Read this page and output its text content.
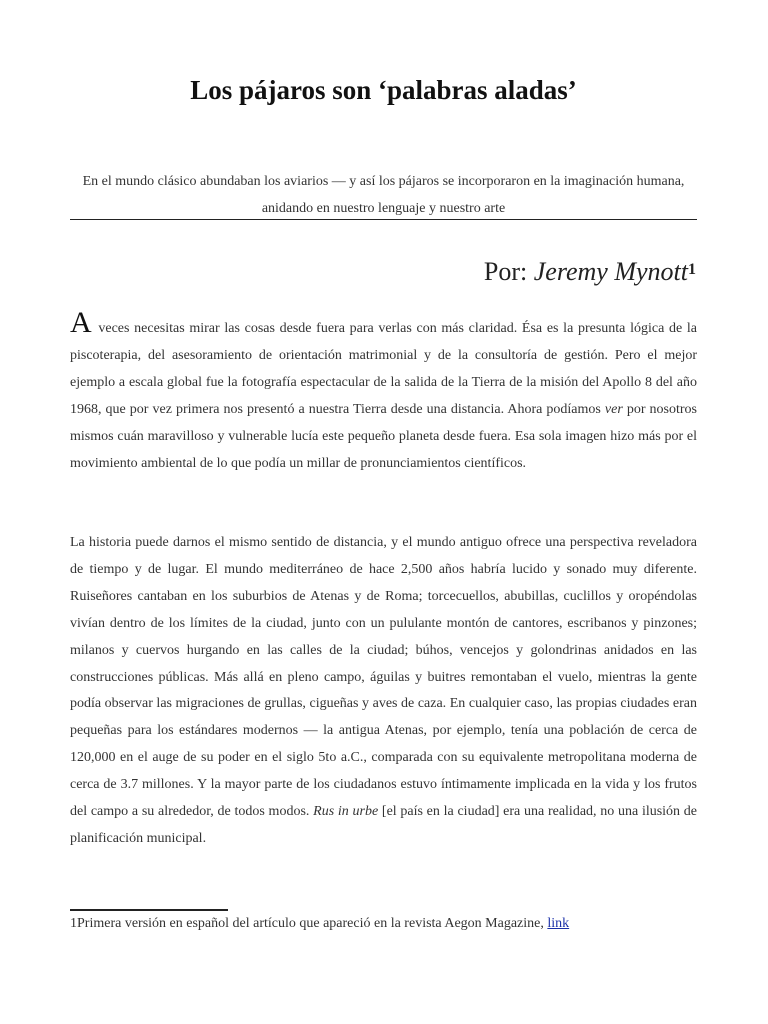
Los pájaros son ‘palabras aladas’

En el mundo clásico abundaban los aviarios — y así los pájaros se incorporaron en la imaginación humana, anidando en nuestro lenguaje y nuestro arte

Por: Jeremy Mynott$^1$

A veces necesitas mirar las cosas desde fuera para verlas con más claridad. Ésa es la presunta lógica de la piscoterapia, del asesoramiento de orientación matrimonial y de la consultoría de gestión. Pero el mejor ejemplo a escala global fue la fotografía espectacular de la salida de la Tierra de la misión del Apollo 8 del año 1968, que por vez primera nos presentó a nuestra Tierra desde una distancia. Ahora podíamos ver por nosotros mismos cuán maravilloso y vulnerable lucía este pequeño planeta desde fuera. Esa sola imagen hizo más por el movimiento ambiental de lo que podía un millar de pronunciamientos científicos.

La historia puede darnos el mismo sentido de distancia, y el mundo antiguo ofrece una perspectiva reveladora de tiempo y de lugar. El mundo mediterráneo de hace 2,500 años habría lucido y sonado muy diferente. Ruiseñores cantaban en los suburbios de Atenas y de Roma; torcecuellos, abubillas, cuclillos y oropéndolas vivían dentro de los límites de la ciudad, junto con un pululante montón de cantores, escribanos y pinzones; milanos y cuervos hurgando en las calles de la ciudad; búhos, vencejos y golondrinas anidados en las construcciones públicas. Más allá en pleno campo, águilas y buitres remontaban el vuelo, mientras la gente podía observar las migraciones de grullas, cigueñas y aves de caza. En cualquier caso, las propias ciudades eran pequeñas para los estándares modernos — la antigua Atenas, por ejemplo, tenía una población de cerca de 120,000 en el auge de su poder en el siglo 5to a.C., comparada con su equivalente metropolitana moderna de cerca de 3.7 millones. Y la mayor parte de los ciudadanos estuvo íntimamente implicada en la vida y los frutos del campo a su alrededor, de todos modos. Rus in urbe [el país en la ciudad] era una realidad, no una ilusión de planificación municipal.

1Primera versión en español del artículo que apareció en la revista Aegon Magazine, link
